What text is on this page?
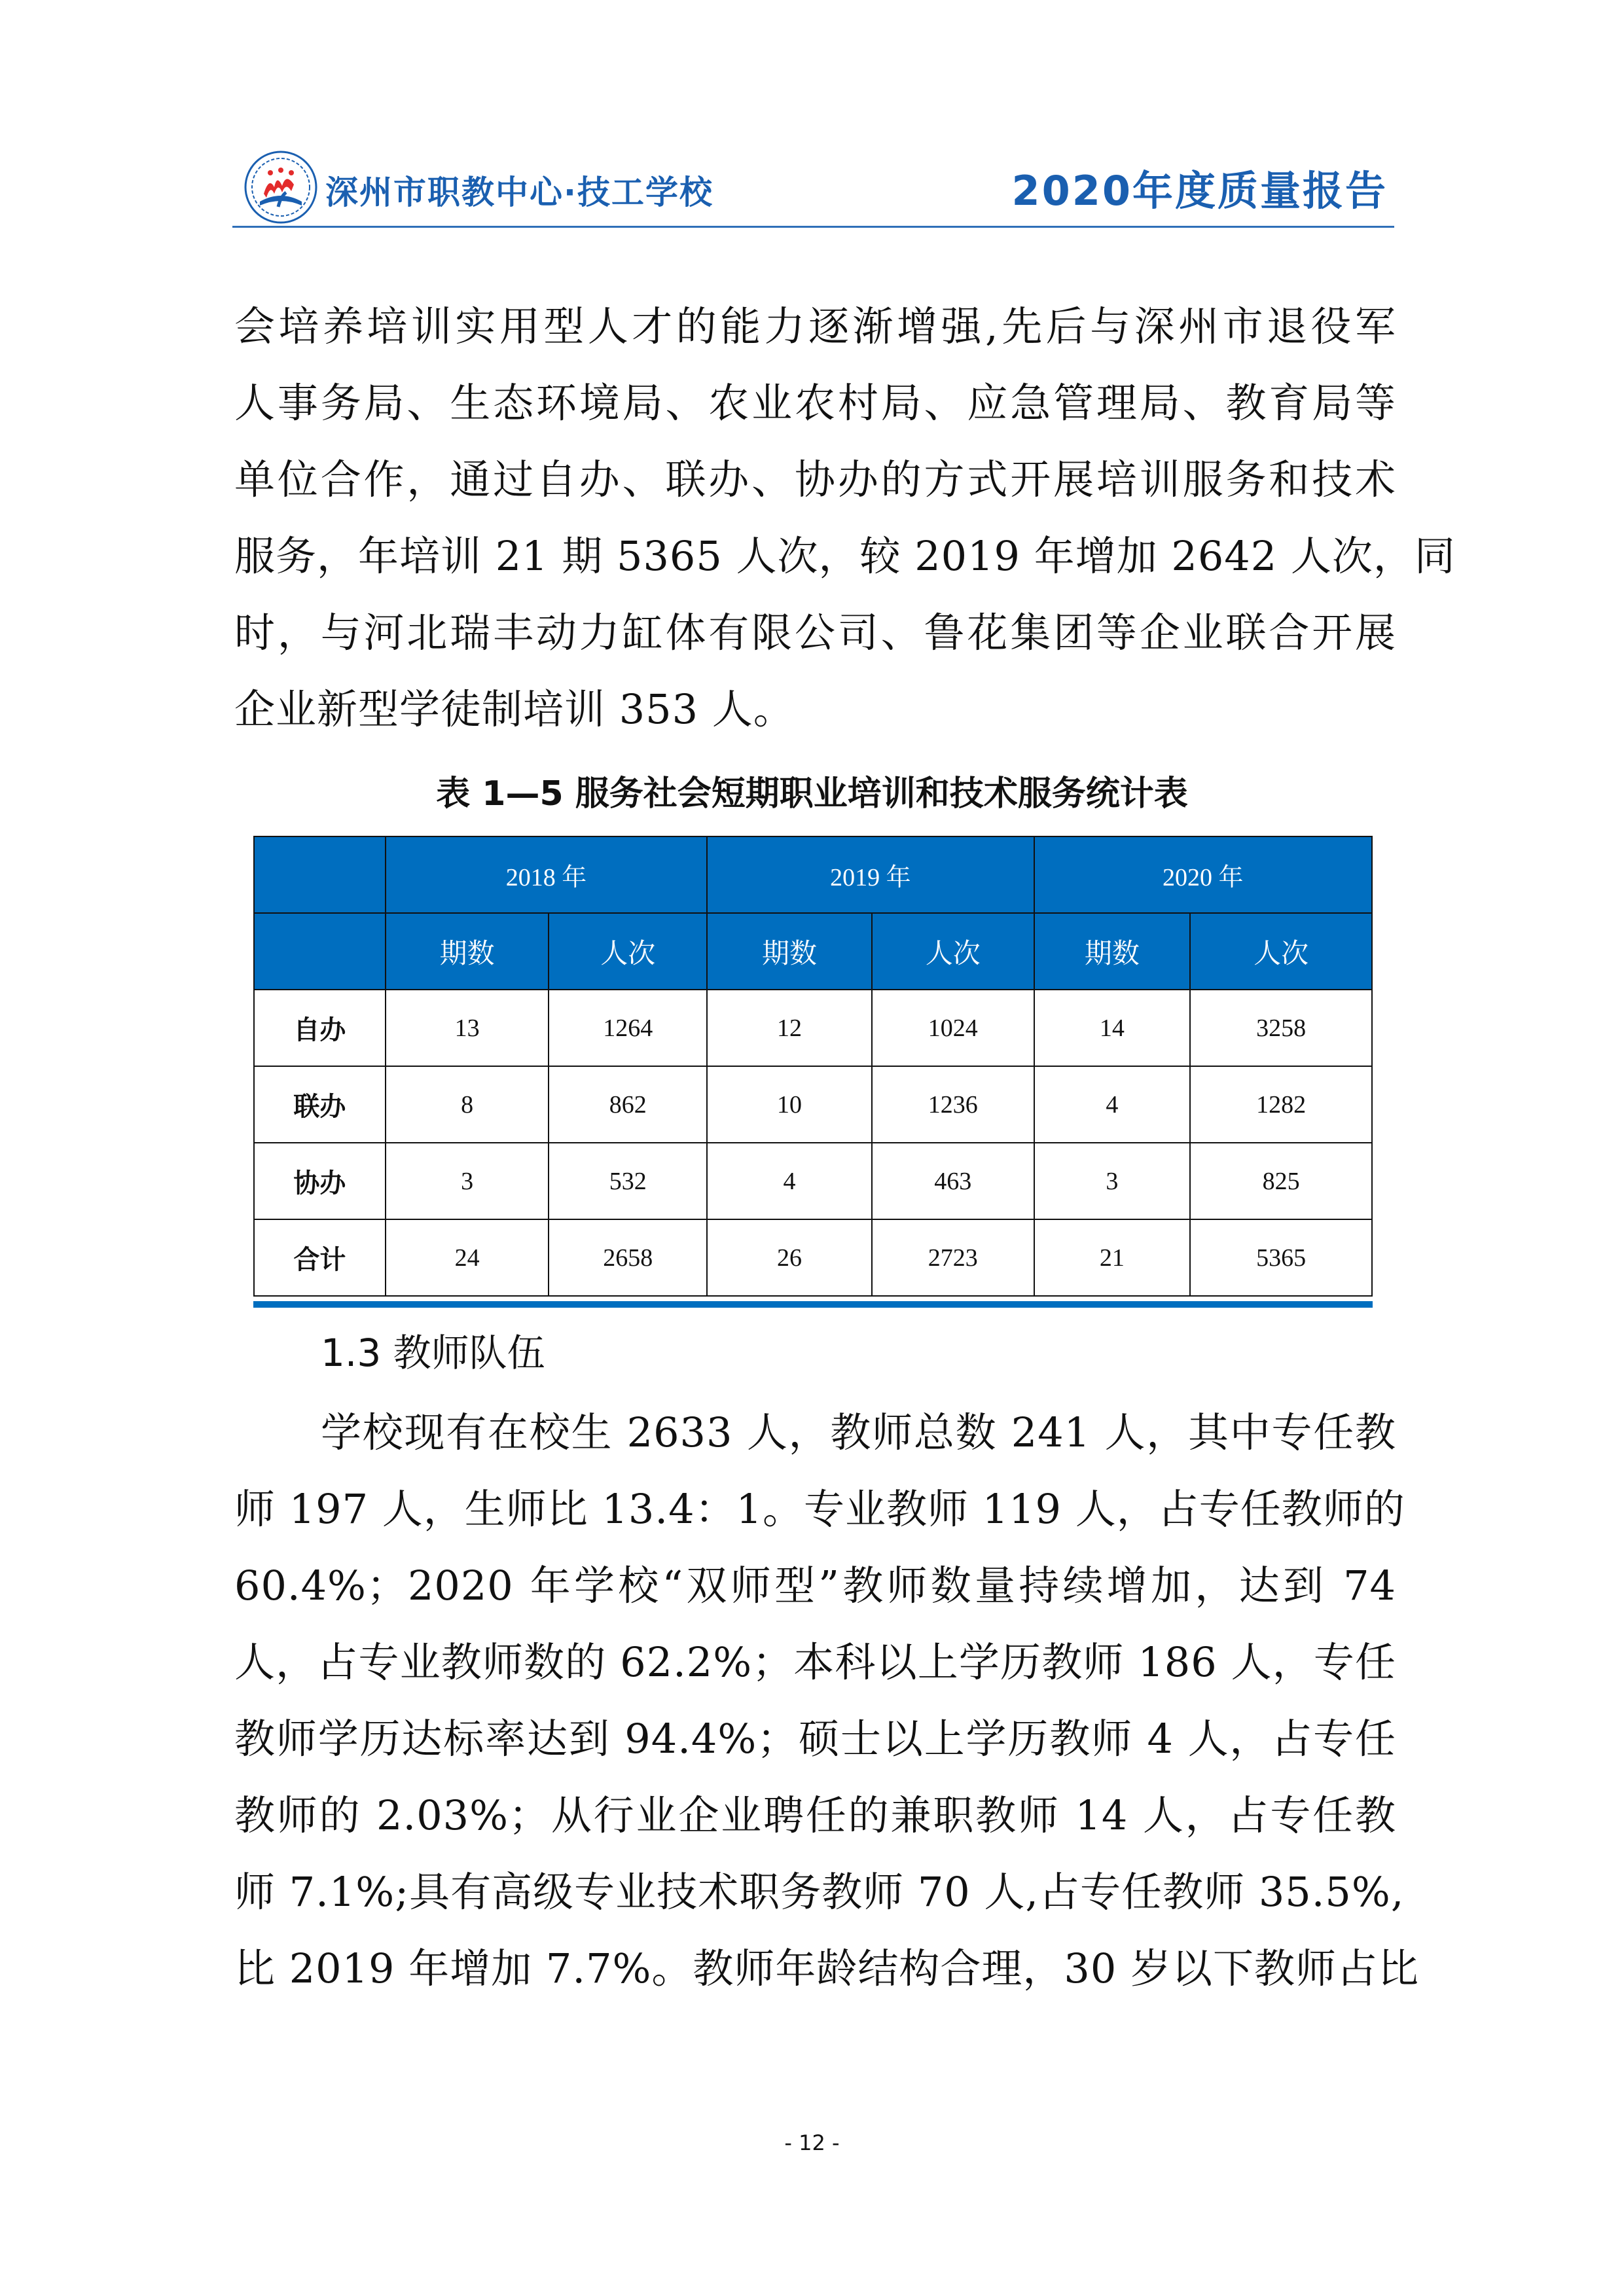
深州市职教中心·技工学校	2020年度质量报告
会培养培训实用型人才的能力逐渐增强,先后与深州市退役军
人事务局、生态环境局、农业农村局、应急管理局、教育局等
单位合作，通过自办、联办、协办的方式开展培训服务和技术
服务，年培训 21 期 5365 人次，较 2019 年增加 2642 人次，同
时，与河北瑞丰动力缸体有限公司、鲁花集团等企业联合开展
企业新型学徒制培训 353 人。
表 1—5 服务社会短期职业培训和技术服务统计表
	2018 年		2019 年		2020 年	
	期数	人次	期数	人次	期数	人次
自办	13	1264	12	1024	14	3258
联办	8	862	10	1236	4	1282
协办	3	532	4	463	3	825
合计	24	2658	26	2723	21	5365
1.3 教师队伍
学校现有在校生 2633 人，教师总数 241 人，其中专任教
师 197 人，生师比 13.4：1。专业教师 119 人，占专任教师的
60.4%；2020 年学校“双师型”教师数量持续增加，达到 74
人，占专业教师数的 62.2%；本科以上学历教师 186 人，专任
教师学历达标率达到 94.4%；硕士以上学历教师 4 人，占专任
教师的 2.03%；从行业企业聘任的兼职教师 14 人，占专任教
师 7.1%;具有高级专业技术职务教师 70 人,占专任教师 35.5%,
比 2019 年增加 7.7%。教师年龄结构合理，30 岁以下教师占比
- 12 -
